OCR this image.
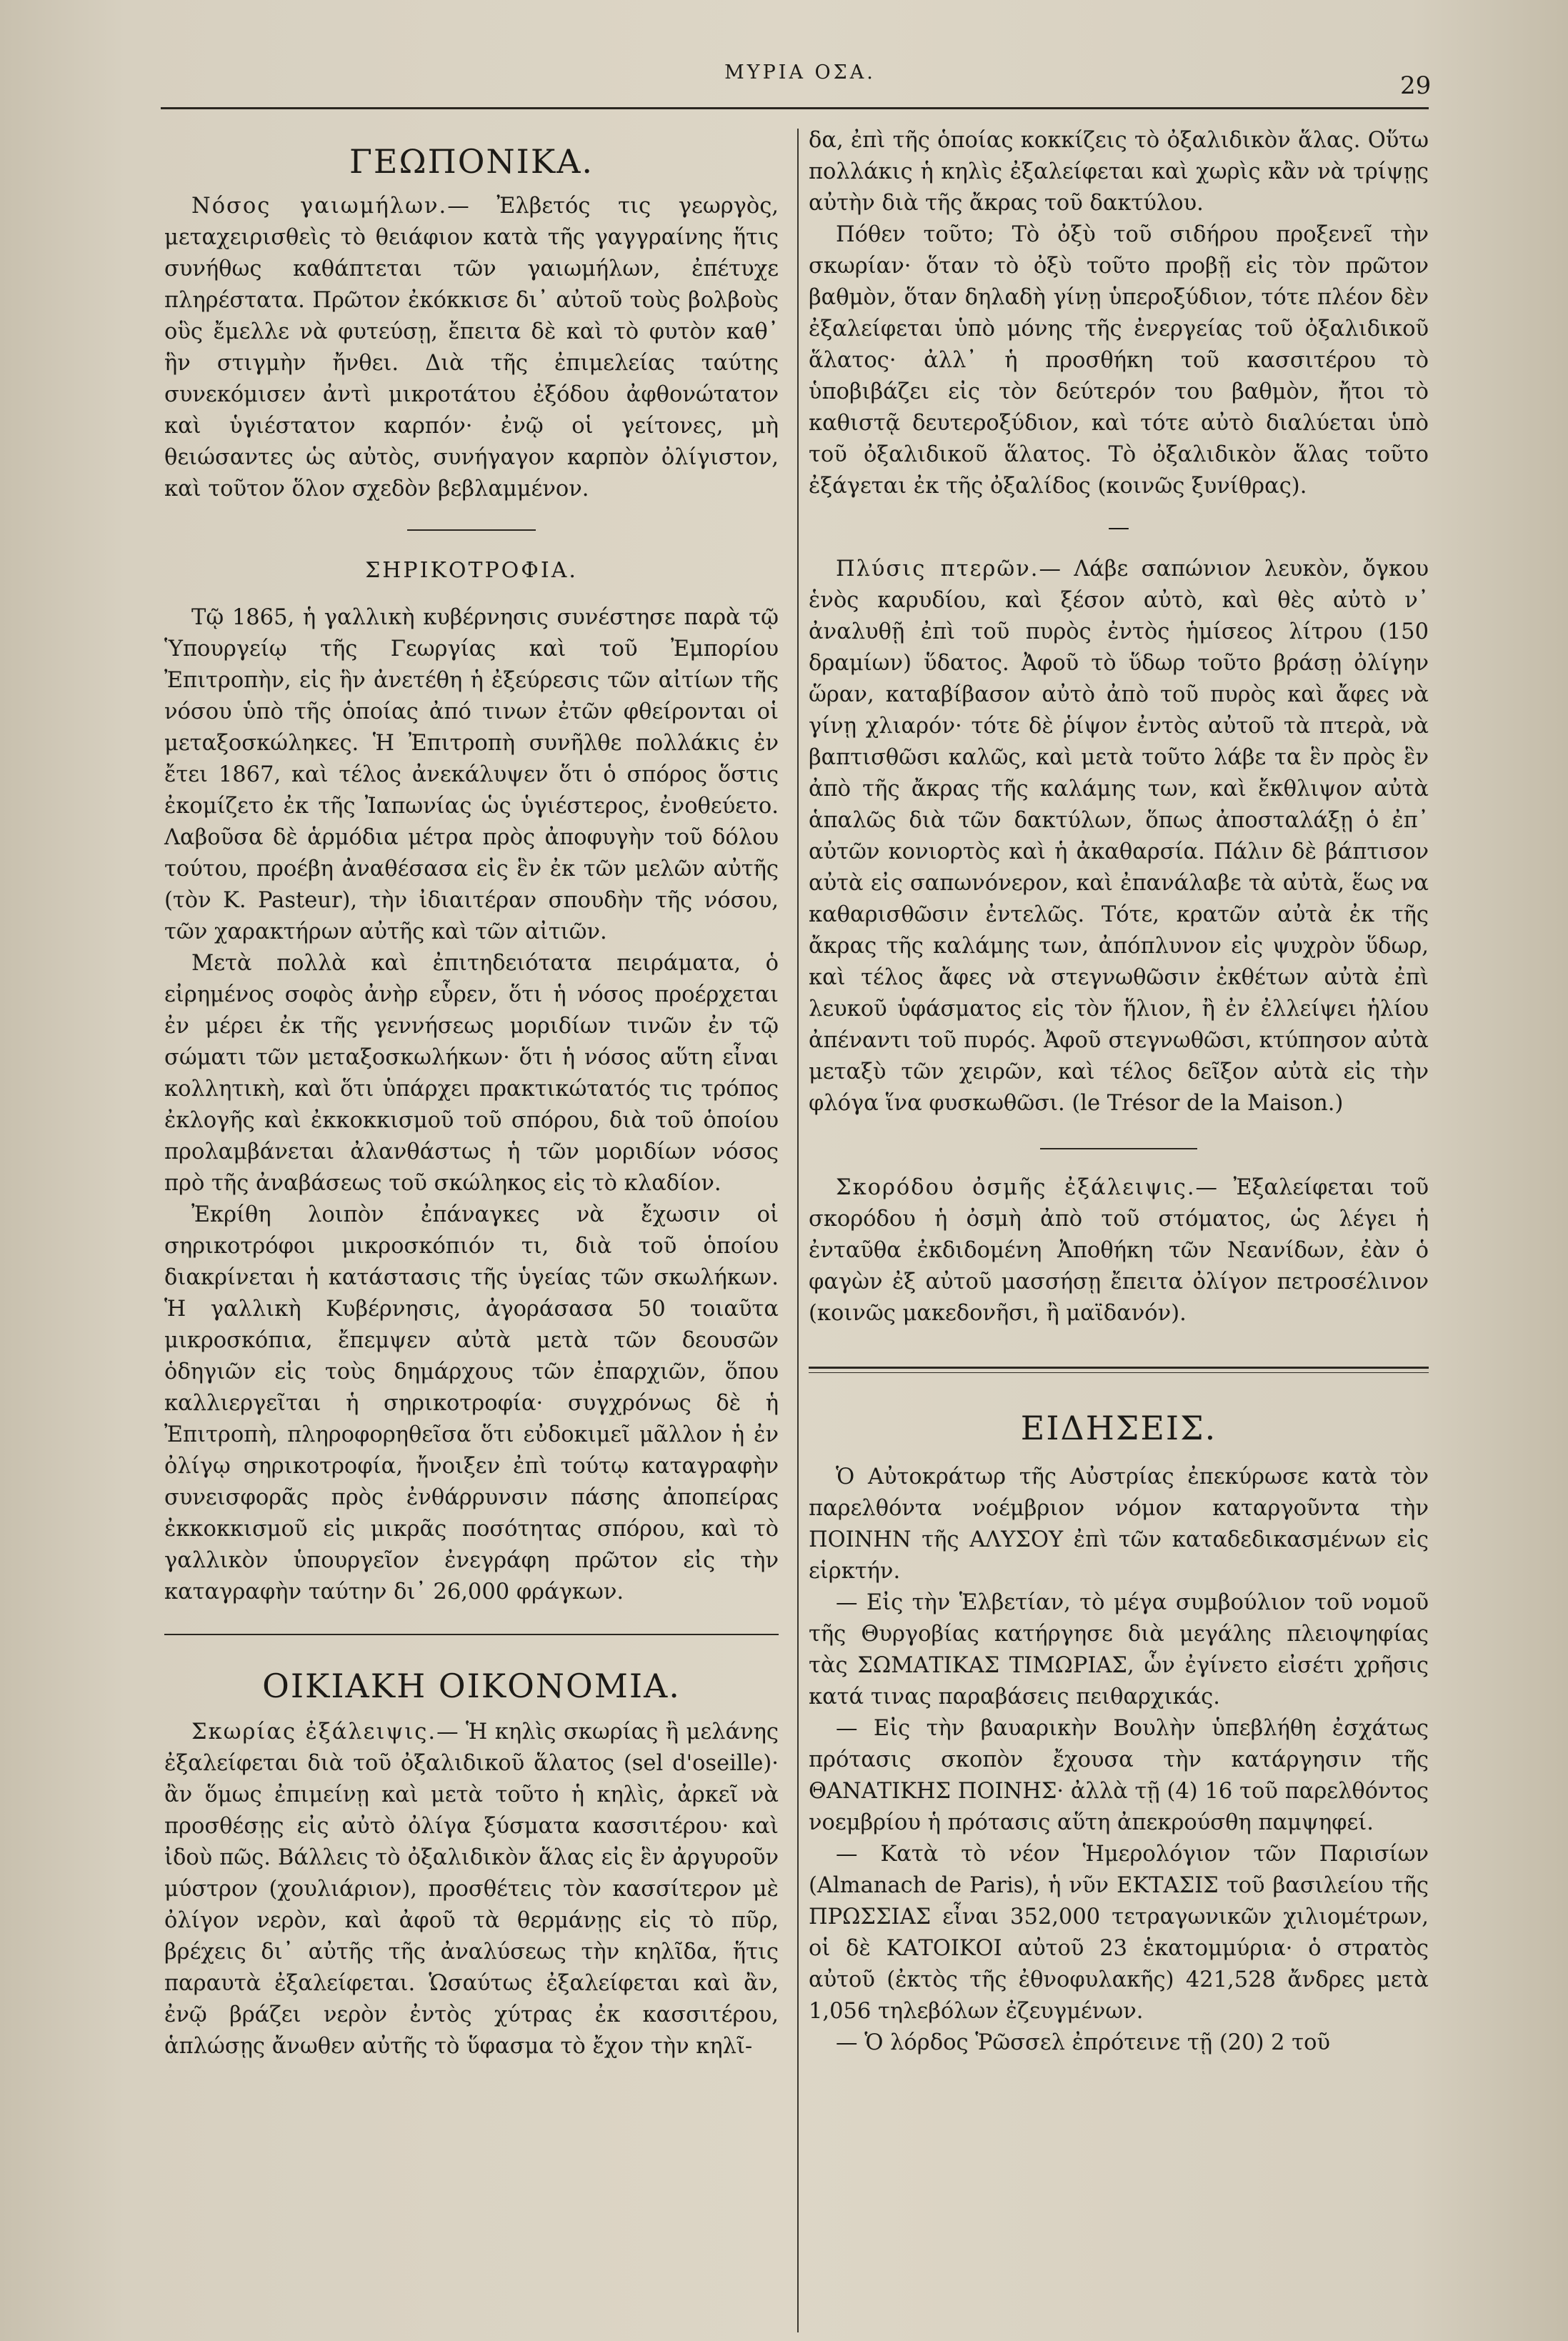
ΜΥΡΙΑ ΟΣΑ.	29
ΓΕΩΠΟΝΙΚΑ.

Νόσος γαιωμήλων.— Ἐλβετός τις γεωργὸς, μεταχειρισθεὶς τὸ θειάφιον κατὰ τῆς γαγγραίνης ἥτις συνήθως καθάπτεται τῶν γαιωμήλων, ἐπέτυχε πληρέστατα. Πρῶτον ἐκόκκισε δι᾽ αὐτοῦ τοὺς βολβοὺς οὓς ἔμελλε νὰ φυτεύσῃ, ἔπειτα δὲ καὶ τὸ φυτὸν καθ᾽ ἣν στιγμὴν ἤνθει. Διὰ τῆς ἐπιμελείας ταύτης συνεκόμισεν ἀντὶ μικροτάτου ἐξόδου ἀφθονώτατον καὶ ὑγιέστατον καρπόν· ἐνῷ οἱ γείτονες, μὴ θειώσαντες ὡς αὐτὸς, συνήγαγον καρπὸν ὀλίγιστον, καὶ τοῦτον ὅλον σχεδὸν βεβλαμμένον.

ΣΗΡΙΚΟΤΡΟΦΙΑ.

Τῷ 1865, ἡ γαλλικὴ κυβέρνησις συνέστησε παρὰ τῷ Ὑπουργείῳ τῆς Γεωργίας καὶ τοῦ Ἐμπορίου Ἐπιτροπὴν, εἰς ἣν ἀνετέθη ἡ ἐξεύρεσις τῶν αἰτίων τῆς νόσου ὑπὸ τῆς ὁποίας ἀπό τινων ἐτῶν φθείρονται οἱ μεταξοσκώληκες. Ἡ Ἐπιτροπὴ συνῆλθε πολλάκις ἐν ἔτει 1867, καὶ τέλος ἀνεκάλυψεν ὅτι ὁ σπόρος ὅστις ἐκομίζετο ἐκ τῆς Ἰαπωνίας ὡς ὑγιέστερος, ἐνοθεύετο. Λαβοῦσα δὲ ἁρμόδια μέτρα πρὸς ἀποφυγὴν τοῦ δόλου τούτου, προέβη ἀναθέσασα εἰς ἓν ἐκ τῶν μελῶν αὐτῆς (τὸν Κ. Pasteur), τὴν ἰδιαιτέραν σπουδὴν τῆς νόσου, τῶν χαρακτήρων αὐτῆς καὶ τῶν αἰτιῶν.

Μετὰ πολλὰ καὶ ἐπιτηδειότατα πειράματα, ὁ εἰρημένος σοφὸς ἀνὴρ εὗρεν, ὅτι ἡ νόσος προέρχεται ἐν μέρει ἐκ τῆς γεννήσεως μοριδίων τινῶν ἐν τῷ σώματι τῶν μεταξοσκωλήκων· ὅτι ἡ νόσος αὕτη εἶναι κολλητικὴ, καὶ ὅτι ὑπάρχει πρακτικώτατός τις τρόπος ἐκλογῆς καὶ ἐκκοκκισμοῦ τοῦ σπόρου, διὰ τοῦ ὁποίου προλαμβάνεται ἀλανθάστως ἡ τῶν μοριδίων νόσος πρὸ τῆς ἀναβάσεως τοῦ σκώληκος εἰς τὸ κλαδίον.

Ἐκρίθη λοιπὸν ἐπάναγκες νὰ ἔχωσιν οἱ σηρικοτρόφοι μικροσκόπιόν τι, διὰ τοῦ ὁποίου διακρίνεται ἡ κατάστασις τῆς ὑγείας τῶν σκωλήκων. Ἡ γαλλικὴ Κυβέρνησις, ἀγοράσασα 50 τοιαῦτα μικροσκόπια, ἔπεμψεν αὐτὰ μετὰ τῶν δεουσῶν ὁδηγιῶν εἰς τοὺς δημάρχους τῶν ἐπαρχιῶν, ὅπου καλλιεργεῖται ἡ σηρικοτροφία· συγχρόνως δὲ ἡ Ἐπιτροπὴ, πληροφορηθεῖσα ὅτι εὐδοκιμεῖ μᾶλλον ἡ ἐν ὀλίγῳ σηρικοτροφία, ἤνοιξεν ἐπὶ τούτῳ καταγραφὴν συνεισφορᾶς πρὸς ἐνθάρρυνσιν πάσης ἀποπείρας ἐκκοκκισμοῦ εἰς μικρᾶς ποσότητας σπόρου, καὶ τὸ γαλλικὸν ὑπουργεῖον ἐνεγράφη πρῶτον εἰς τὴν καταγραφὴν ταύτην δι᾽ 26,000 φράγκων.

ΟΙΚΙΑΚΗ ΟΙΚΟΝΟΜΙΑ.

Σκωρίας ἐξάλειψις.— Ἡ κηλὶς σκωρίας ἢ μελάνης ἐξαλείφεται διὰ τοῦ ὀξαλιδικοῦ ἅλατος (sel d'oseille)· ἂν ὅμως ἐπιμείνῃ καὶ μετὰ τοῦτο ἡ κηλὶς, ἀρκεῖ νὰ προσθέσῃς εἰς αὐτὸ ὀλίγα ξύσματα κασσιτέρου· καὶ ἰδοὺ πῶς. Βάλλεις τὸ ὀξαλιδικὸν ἅλας εἰς ἓν ἀργυροῦν μύστρον (χουλιάριον), προσθέτεις τὸν κασσίτερον μὲ ὀλίγον νερὸν, καὶ ἀφοῦ τὰ θερμάνῃς εἰς τὸ πῦρ, βρέχεις δι᾽ αὐτῆς τῆς ἀναλύσεως τὴν κηλῖδα, ἥτις παραυτὰ ἐξαλείφεται. Ὡσαύτως ἐξαλείφεται καὶ ἂν, ἐνῷ βράζει νερὸν ἐντὸς χύτρας ἐκ κασσιτέρου, ἁπλώσῃς ἄνωθεν αὐτῆς τὸ ὕφασμα τὸ ἔχον τὴν κηλῖ-

δα, ἐπὶ τῆς ὁποίας κοκκίζεις τὸ ὀξαλιδικὸν ἅλας. Οὕτω πολλάκις ἡ κηλὶς ἐξαλείφεται καὶ χωρὶς κἂν νὰ τρίψῃς αὐτὴν διὰ τῆς ἄκρας τοῦ δακτύλου.

Πόθεν τοῦτο; Τὸ ὀξὺ τοῦ σιδήρου προξενεῖ τὴν σκωρίαν· ὅταν τὸ ὀξὺ τοῦτο προβῇ εἰς τὸν πρῶτον βαθμὸν, ὅταν δηλαδὴ γίνῃ ὑπεροξύδιον, τότε πλέον δὲν ἐξαλείφεται ὑπὸ μόνης τῆς ἐνεργείας τοῦ ὀξαλιδικοῦ ἅλατος· ἀλλ᾽ ἡ προσθήκη τοῦ κασσιτέρου τὸ ὑποβιβάζει εἰς τὸν δεύτερόν του βαθμὸν, ἤτοι τὸ καθιστᾷ δευτεροξύδιον, καὶ τότε αὐτὸ διαλύεται ὑπὸ τοῦ ὀξαλιδικοῦ ἅλατος. Τὸ ὀξαλιδικὸν ἅλας τοῦτο ἐξάγεται ἐκ τῆς ὀξαλίδος (κοινῶς ξυνίθρας).

—

Πλύσις πτερῶν.— Λάβε σαπώνιον λευκὸν, ὄγκου ἑνὸς καρυδίου, καὶ ξέσον αὐτὸ, καὶ θὲς αὐτὸ ν᾽ ἀναλυθῇ ἐπὶ τοῦ πυρὸς ἐντὸς ἡμίσεος λίτρου (150 δραμίων) ὕδατος. Ἀφοῦ τὸ ὕδωρ τοῦτο βράσῃ ὀλίγην ὥραν, καταβίβασον αὐτὸ ἀπὸ τοῦ πυρὸς καὶ ἄφες νὰ γίνῃ χλιαρόν· τότε δὲ ῥίψον ἐντὸς αὐτοῦ τὰ πτερὰ, νὰ βαπτισθῶσι καλῶς, καὶ μετὰ τοῦτο λάβε τα ἓν πρὸς ἓν ἀπὸ τῆς ἄκρας τῆς καλάμης των, καὶ ἔκθλιψον αὐτὰ ἁπαλῶς διὰ τῶν δακτύλων, ὅπως ἀποσταλάξῃ ὁ ἐπ᾽ αὐτῶν κονιορτὸς καὶ ἡ ἀκαθαρσία. Πάλιν δὲ βάπτισον αὐτὰ εἰς σαπωνόνερον, καὶ ἐπανάλαβε τὰ αὐτὰ, ἕως να καθαρισθῶσιν ἐντελῶς. Τότε, κρατῶν αὐτὰ ἐκ τῆς ἄκρας τῆς καλάμης των, ἀπόπλυνον εἰς ψυχρὸν ὕδωρ, καὶ τέλος ἄφες νὰ στεγνωθῶσιν ἐκθέτων αὐτὰ ἐπὶ λευκοῦ ὑφάσματος εἰς τὸν ἥλιον, ἢ ἐν ἐλλείψει ἡλίου ἀπέναντι τοῦ πυρός. Ἀφοῦ στεγνωθῶσι, κτύπησον αὐτὰ μεταξὺ τῶν χειρῶν, καὶ τέλος δεῖξον αὐτὰ εἰς τὴν φλόγα ἵνα φυσκωθῶσι. (le Trésor de la Maison.)

Σκορόδου ὀσμῆς ἐξάλειψις.— Ἐξαλείφεται τοῦ σκορόδου ἡ ὀσμὴ ἀπὸ τοῦ στόματος, ὡς λέγει ἡ ἐνταῦθα ἐκδιδομένη Ἀποθήκη τῶν Νεανίδων, ἐὰν ὁ φαγὼν ἐξ αὐτοῦ μασσήσῃ ἔπειτα ὀλίγον πετροσέλινον (κοινῶς μακεδονῆσι, ἢ μαϊδανόν).

ΕΙΔΗΣΕΙΣ.

Ὁ Αὐτοκράτωρ τῆς Αὐστρίας ἐπεκύρωσε κατὰ τὸν παρελθόντα νοέμβριον νόμον καταργοῦντα τὴν ΠΟΙΝΗΝ τῆς ΑΛΥΣΟΥ ἐπὶ τῶν καταδεδικασμένων εἰς εἱρκτήν.

— Εἰς τὴν Ἑλβετίαν, τὸ μέγα συμβούλιον τοῦ νομοῦ τῆς Θυργοβίας κατήργησε διὰ μεγάλης πλειοψηφίας τὰς ΣΩΜΑΤΙΚΑΣ ΤΙΜΩΡΙΑΣ, ὧν ἐγίνετο εἰσέτι χρῆσις κατά τινας παραβάσεις πειθαρχικάς.

— Εἰς τὴν βαυαρικὴν Βουλὴν ὑπεβλήθη ἐσχάτως πρότασις σκοπὸν ἔχουσα τὴν κατάργησιν τῆς ΘΑΝΑΤΙΚΗΣ ΠΟΙΝΗΣ· ἀλλὰ τῇ (4) 16 τοῦ παρελθόντος νοεμβρίου ἡ πρότασις αὕτη ἀπεκρούσθη παμψηφεί.

— Κατὰ τὸ νέον Ἡμερολόγιον τῶν Παρισίων (Almanach de Paris), ἡ νῦν ΕΚΤΑΣΙΣ τοῦ βασιλείου τῆς ΠΡΩΣΣΙΑΣ εἶναι 352,000 τετραγωνικῶν χιλιομέτρων, οἱ δὲ ΚΑΤΟΙΚΟΙ αὐτοῦ 23 ἑκατομμύρια· ὁ στρατὸς αὐτοῦ (ἐκτὸς τῆς ἐθνοφυλακῆς) 421,528 ἄνδρες μετὰ 1,056 τηλεβόλων ἐζευγμένων.

— Ὁ λόρδος Ῥῶσσελ ἐπρότεινε τῇ (20) 2 τοῦ
